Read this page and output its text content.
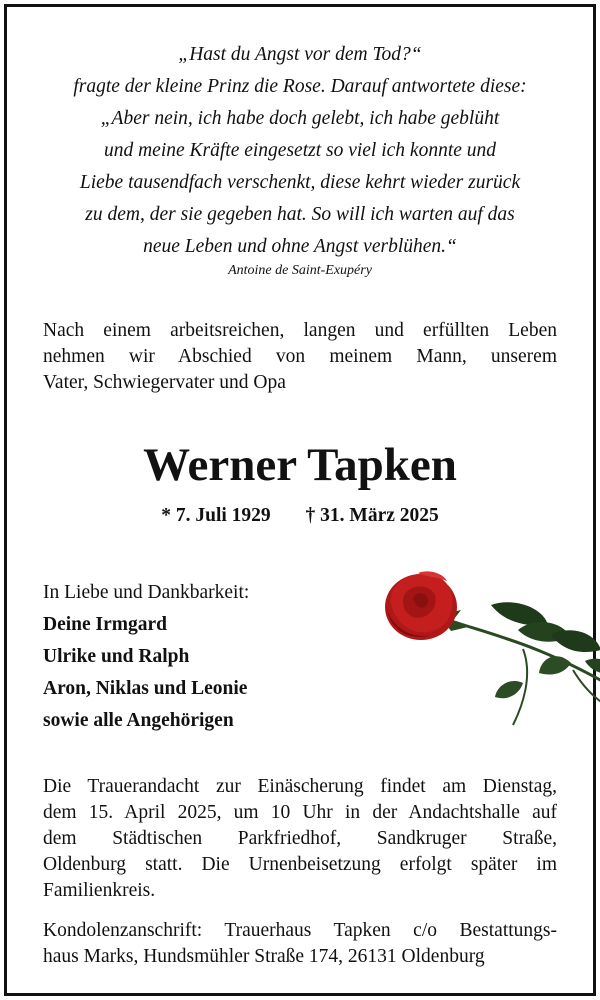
„Hast du Angst vor dem Tod?“
fragte der kleine Prinz die Rose. Darauf antwortete diese:
„Aber nein, ich habe doch gelebt, ich habe geblüht
und meine Kräfte eingesetzt so viel ich konnte und
Liebe tausendfach verschenkt, diese kehrt wieder zurück
zu dem, der sie gegeben hat. So will ich warten auf das
neue Leben und ohne Angst verblühen.“
Antoine de Saint-Exupéry
Nach einem arbeitsreichen, langen und erfüllten Leben
nehmen wir Abschied von meinem Mann, unserem
Vater, Schwiegervater und Opa
Werner Tapken
* 7. Juli 1929 † 31. März 2025
In Liebe und Dankbarkeit:
Deine Irmgard
Ulrike und Ralph
Aron, Niklas und Leonie
sowie alle Angehörigen
Die Trauerandacht zur Einäscherung findet am Dienstag,
dem 15. April 2025, um 10 Uhr in der Andachtshalle auf
dem Städtischen Parkfriedhof, Sandkruger Straße,
Oldenburg statt. Die Urnenbeisetzung erfolgt später im
Familienkreis.
Kondolenzanschrift: Trauerhaus Tapken c/o Bestattungs-
haus Marks, Hundsmühler Straße 174, 26131 Oldenburg
